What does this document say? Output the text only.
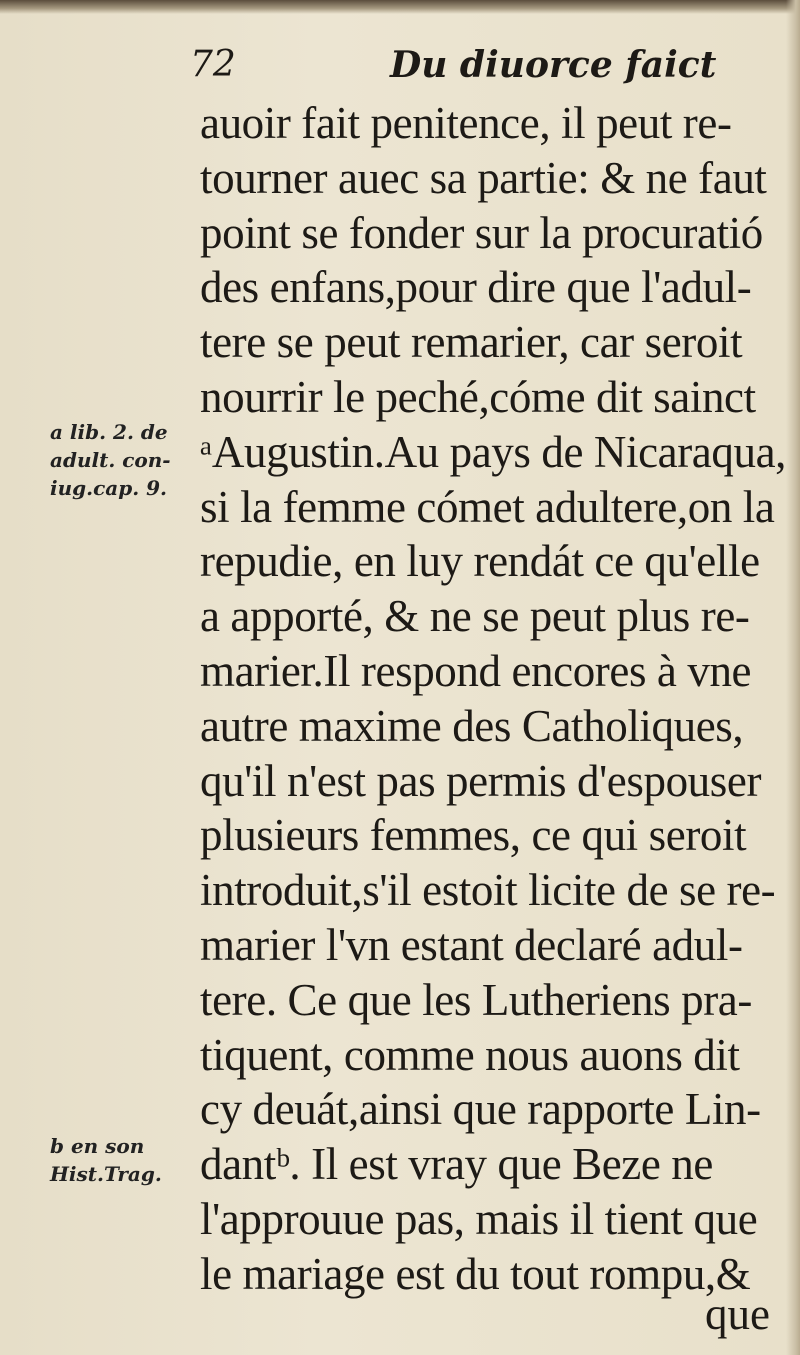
72	Du diuorce faict
auoir fait penitence, il peut re-
tourner auec sa partie: & ne faut
point se fonder sur la procuratió
des enfans,pour dire que l'adul-
tere se peut remarier, car seroit
nourrir le peché,cóme dit sainct
ᵃAugustin.Au pays de Nicaraqua,
si la femme cómet adultere,on la
repudie, en luy rendát ce qu'elle
a apporté, & ne se peut plus re-
marier.Il respond encores à vne
autre maxime des Catholiques,
qu'il n'est pas permis d'espouser
plusieurs femmes, ce qui seroit
introduit,s'il estoit licite de se re-
marier l'vn estant declaré adul-
tere. Ce que les Lutheriens pra-
tiquent, comme nous auons dit
cy deuát,ainsi que rapporte Lin-
dantᵇ. Il est vray que Beze ne
l'approuue pas, mais il tient que
le mariage est du tout rompu,&
a lib. 2. de
adult. con-
iug.cap. 9.
b en son
Hist.Trag.
que
